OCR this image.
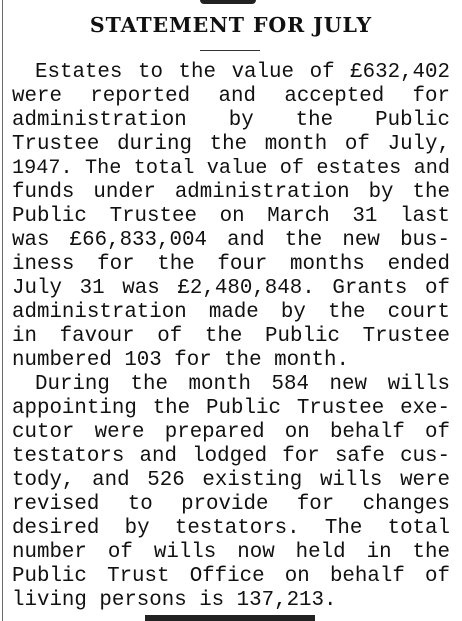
STATEMENT FOR JULY
Estates to the value of £632,402
were reported and accepted for
administration by the Public
Trustee during the month of July,
1947. The total value of estates and
funds under administration by the
Public Trustee on March 31 last
was £66,833,004 and the new bus-
iness for the four months ended
July 31 was £2,480,848. Grants of
administration made by the court
in favour of the Public Trustee
numbered 103 for the month.
During the month 584 new wills
appointing the Public Trustee exe-
cutor were prepared on behalf of
testators and lodged for safe cus-
tody, and 526 existing wills were
revised to provide for changes
desired by testators. The total
number of wills now held in the
Public Trust Office on behalf of
living persons is 137,213.
